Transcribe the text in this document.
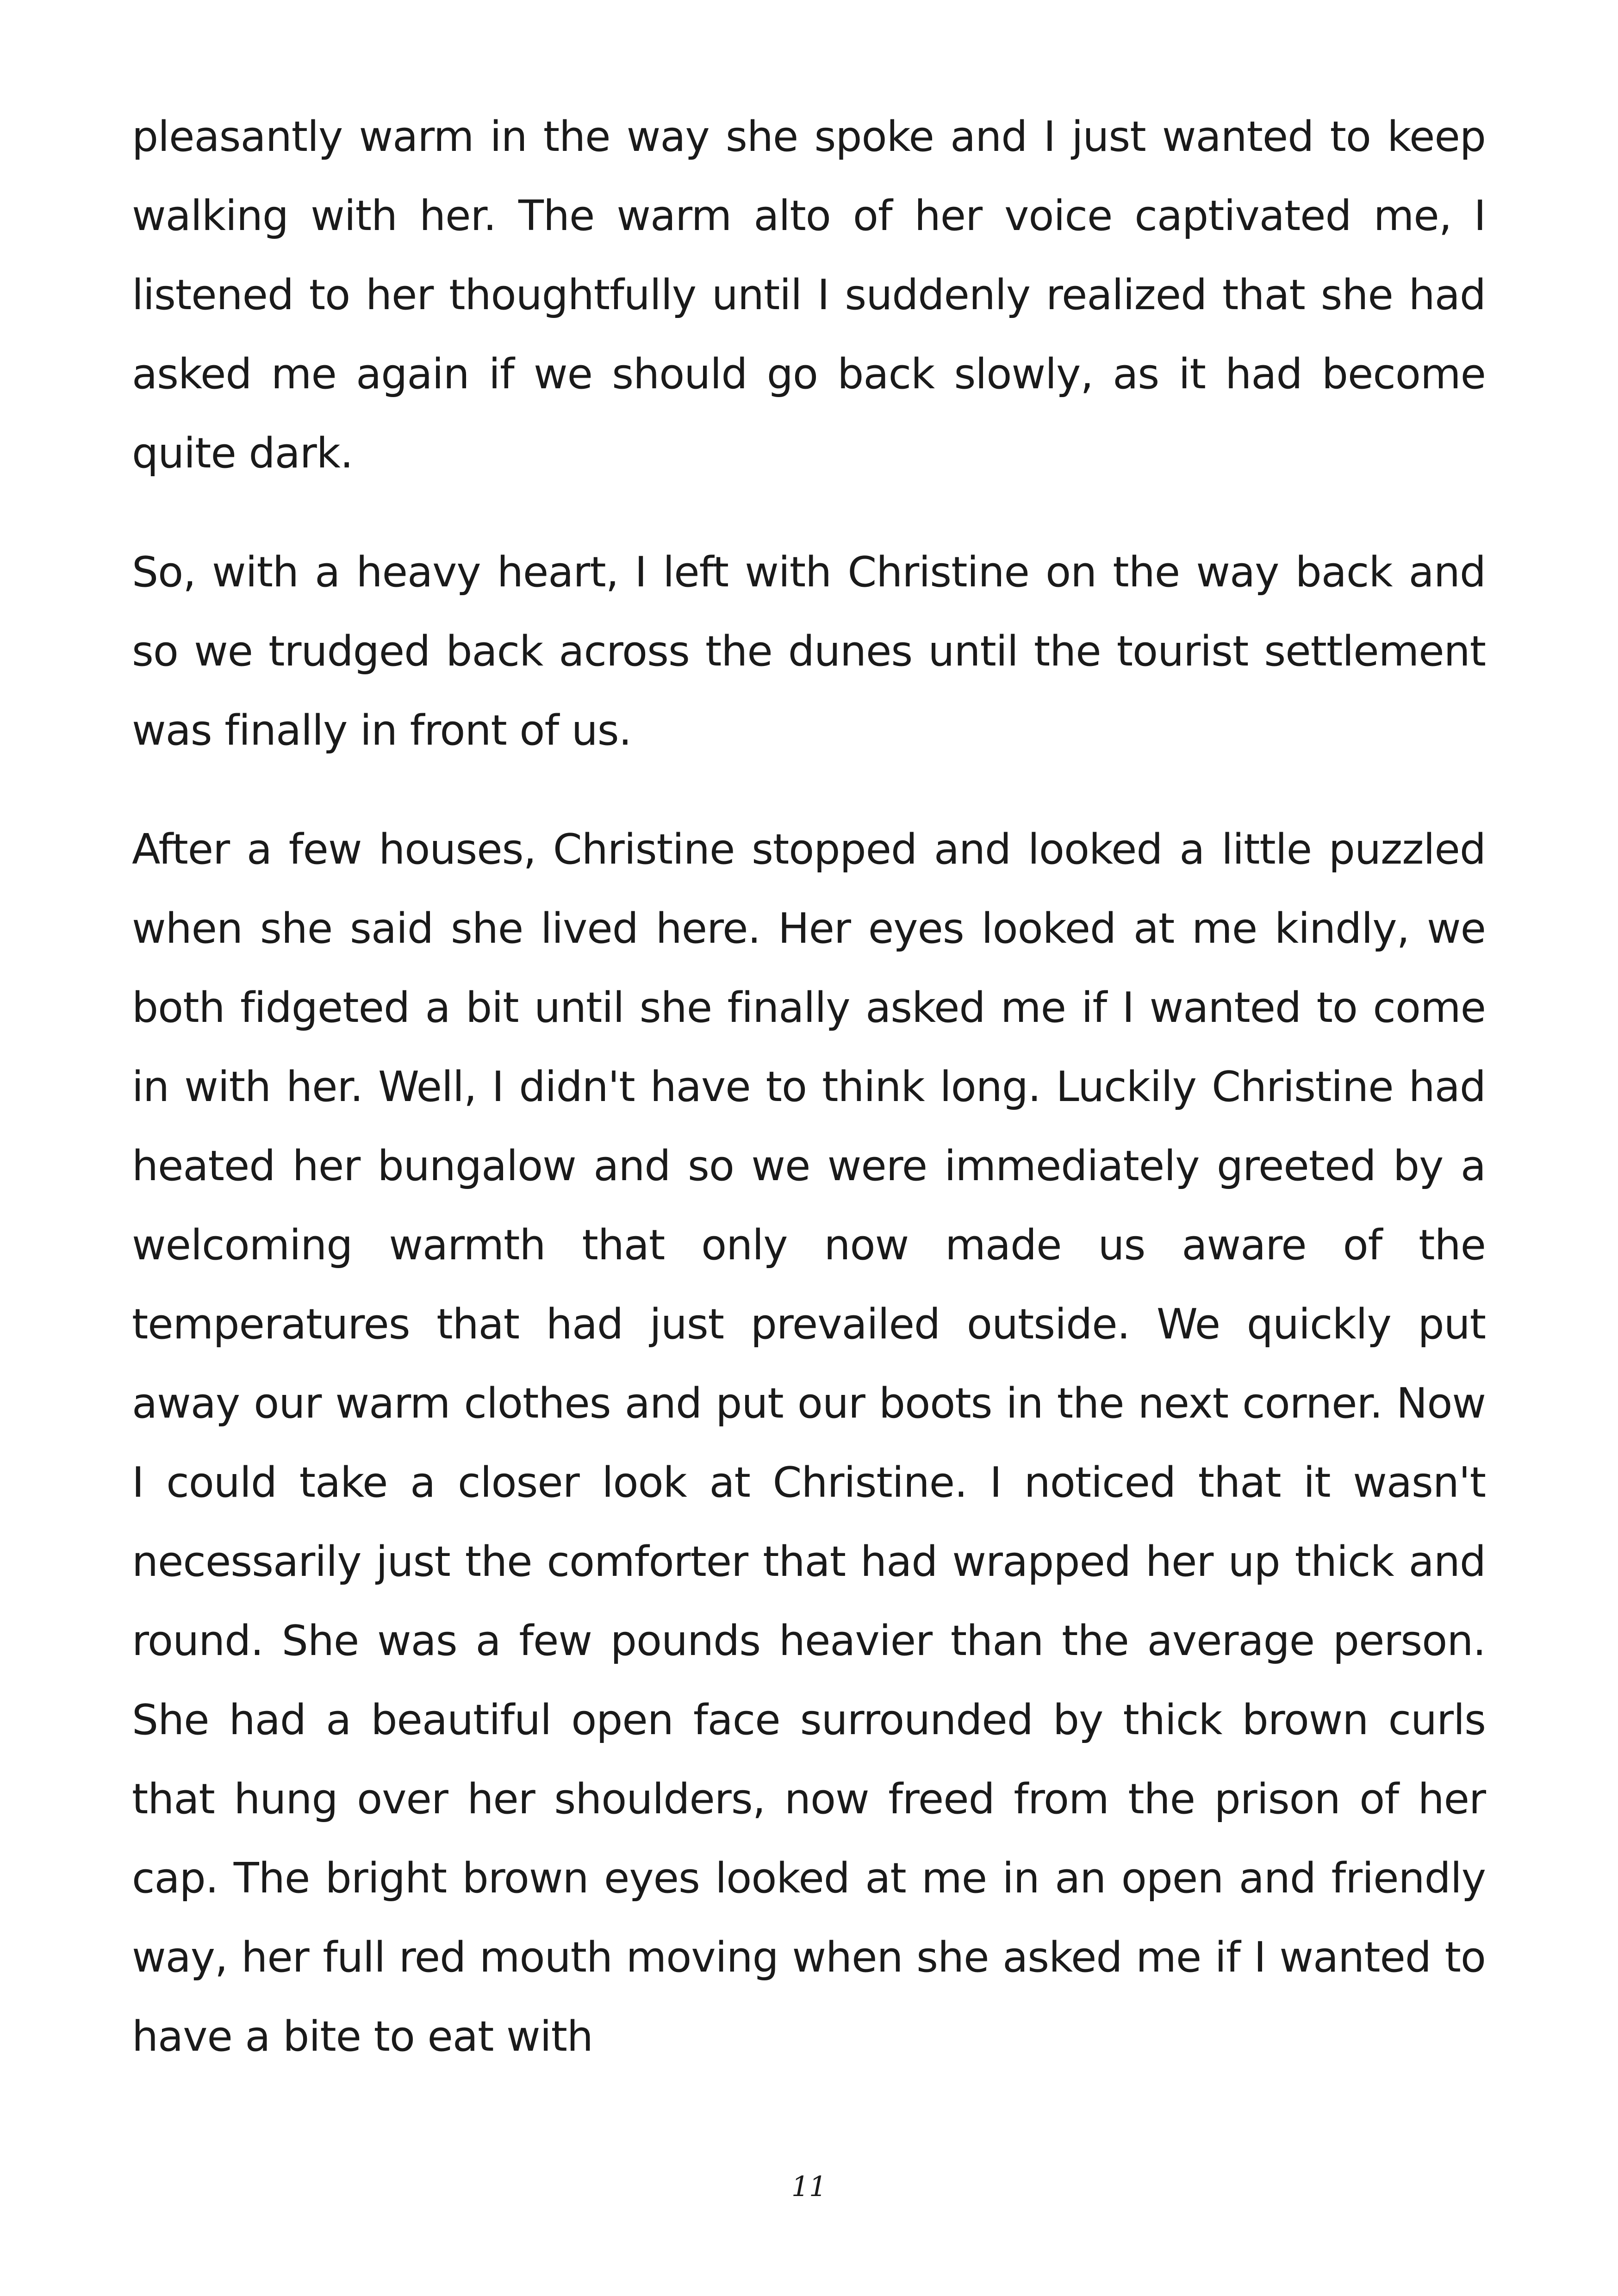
pleasantly warm in the way she spoke and I just wanted to keep walking with her. The warm alto of her voice captivated me, I listened to her thoughtfully until I suddenly realized that she had asked me again if we should go back slowly, as it had become quite dark.

So, with a heavy heart, I left with Christine on the way back and so we trudged back across the dunes until the tourist settlement was finally in front of us.

After a few houses, Christine stopped and looked a little puzzled when she said she lived here. Her eyes looked at me kindly, we both fidgeted a bit until she finally asked me if I wanted to come in with her. Well, I didn't have to think long. Luckily Christine had heated her bungalow and so we were immediately greeted by a welcoming warmth that only now made us aware of the temperatures that had just prevailed outside. We quickly put away our warm clothes and put our boots in the next corner. Now I could take a closer look at Christine. I noticed that it wasn't necessarily just the comforter that had wrapped her up thick and round. She was a few pounds heavier than the average person. She had a beautiful open face surrounded by thick brown curls that hung over her shoulders, now freed from the prison of her cap. The bright brown eyes looked at me in an open and friendly way, her full red mouth moving when she asked me if I wanted to have a bite to eat with

11
